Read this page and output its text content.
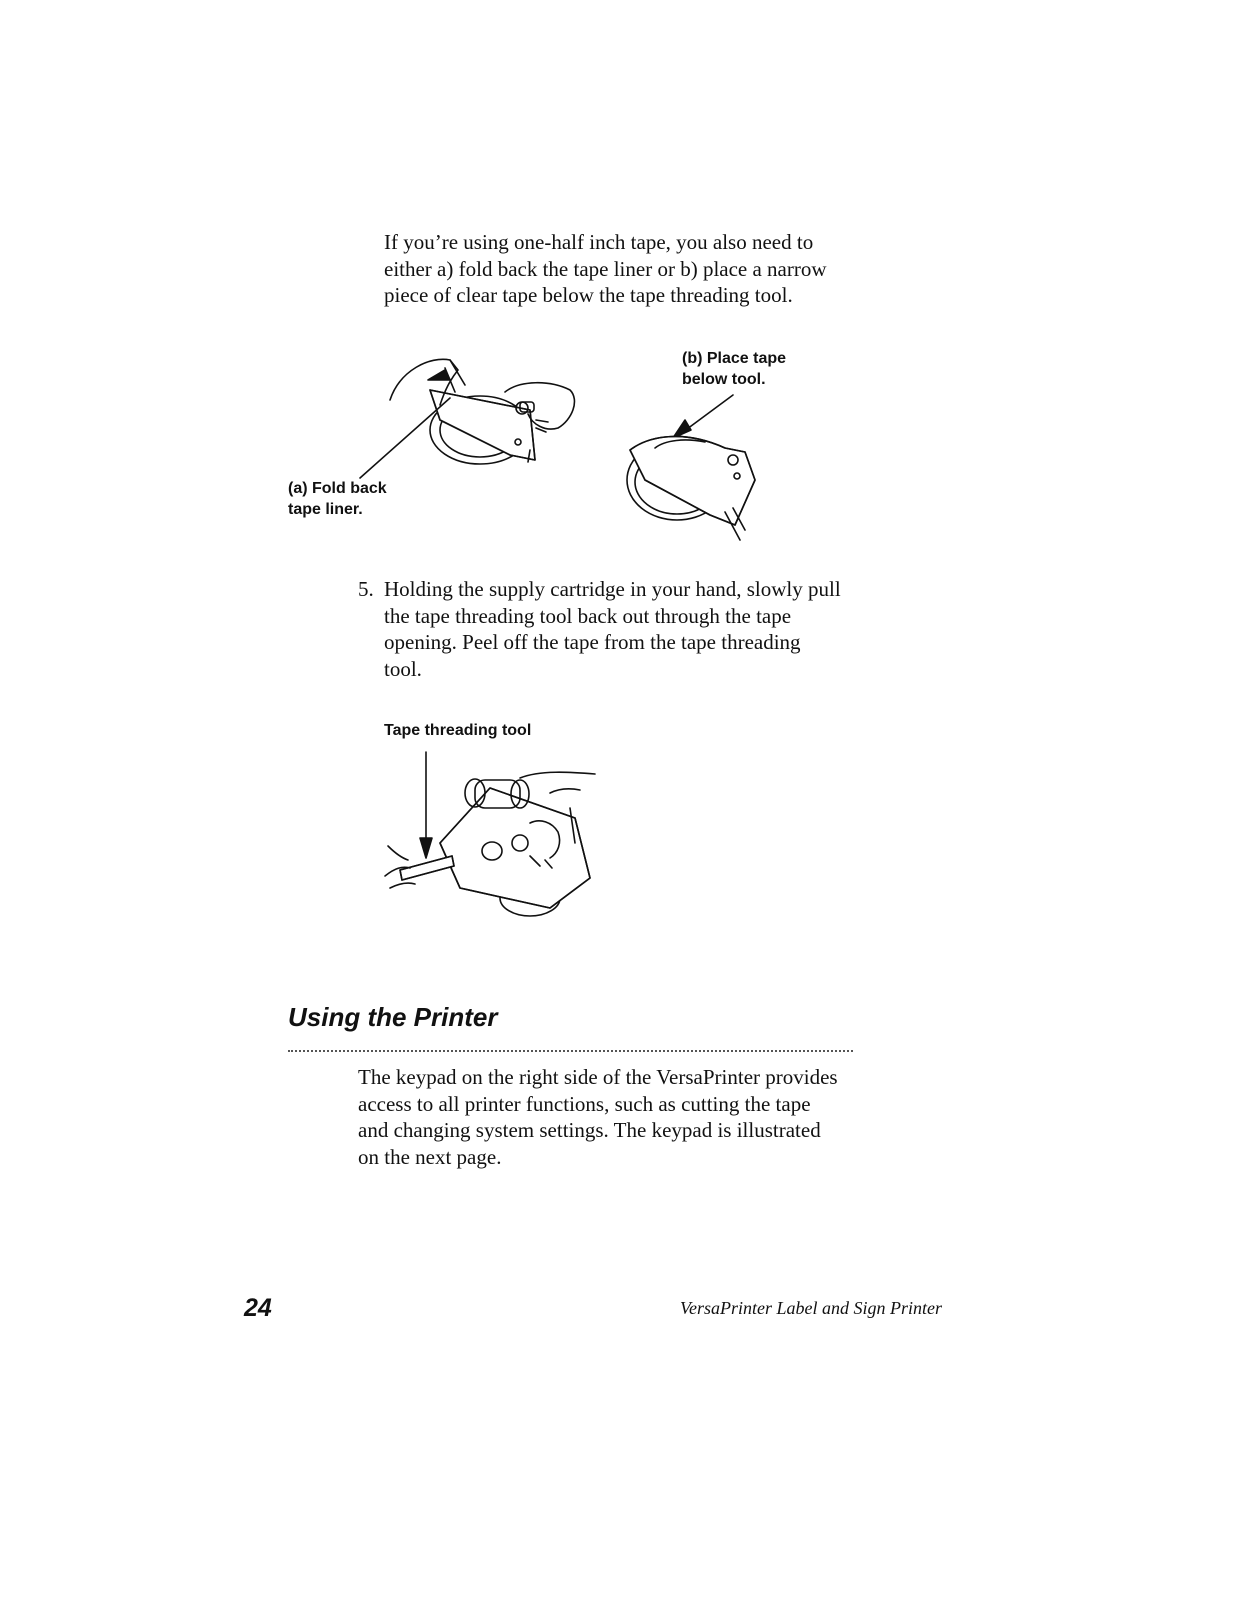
If you’re using one-half inch tape, you also need to

either a) fold back the tape liner or b) place a narrow

piece of clear tape below the tape threading tool.

(b) Place tape
below tool.
(a) Fold back
tape liner.
5. Holding the supply cartridge in your hand, slowly pull
the tape threading tool back out through the tape
opening. Peel off the tape from the tape threading
tool.
Tape threading tool
Using the Printer
The keypad on the right side of the VersaPrinter provides
access to all printer functions, such as cutting the tape
and changing system settings. The keypad is illustrated
on the next page.
24	VersaPrinter Label and Sign Printer
